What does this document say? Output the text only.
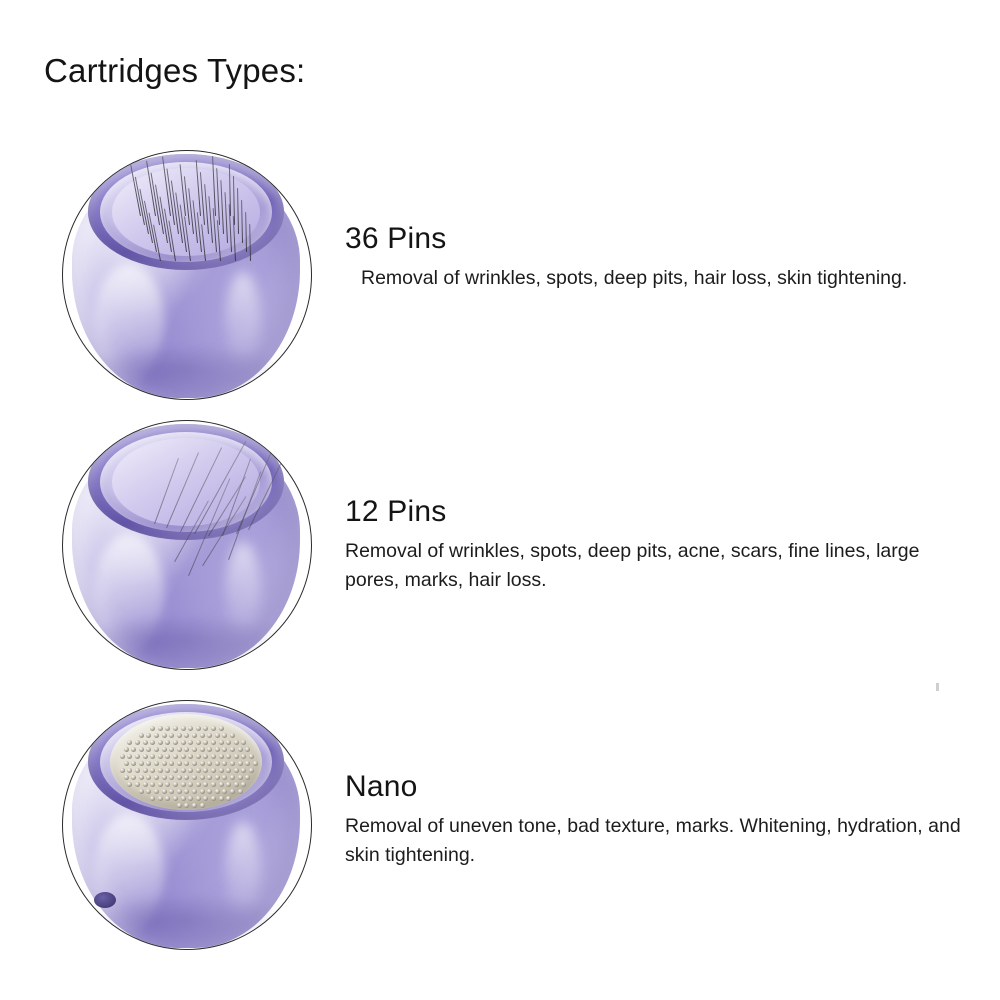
Cartridges Types:
36 Pins

Removal of wrinkles, spots, deep pits, hair loss, skin tightening.

12 Pins

Removal of wrinkles, spots, deep pits, acne, scars, fine lines, large pores, marks, hair loss.

Nano

Removal of uneven tone, bad texture, marks. Whitening, hydration, and skin tightening.
